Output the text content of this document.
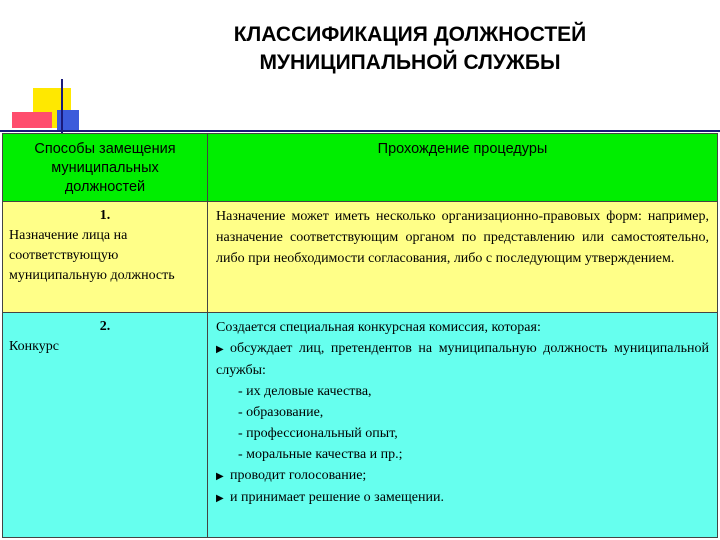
КЛАССИФИКАЦИЯ ДОЛЖНОСТЕЙ
МУНИЦИПАЛЬНОЙ СЛУЖБЫ
Способы замещения муниципальных должностей
Прохождение процедуры
1.
Назначение лица на соответствующую муниципальную должность
Назначение может иметь несколько организационно-правовых форм: например, назначение соответствующим органом по представлению или самостоятельно, либо при необходимости согласования, либо с последующим утверждением.
2.
Конкурс
Создается специальная конкурсная комиссия, которая:
▶ обсуждает лиц, претендентов на муниципальную должность муниципальной службы:
- их деловые качества,
- образование,
- профессиональный опыт,
- моральные качества и пр.;
▶ проводит голосование;
▶ и принимает решение о замещении.
